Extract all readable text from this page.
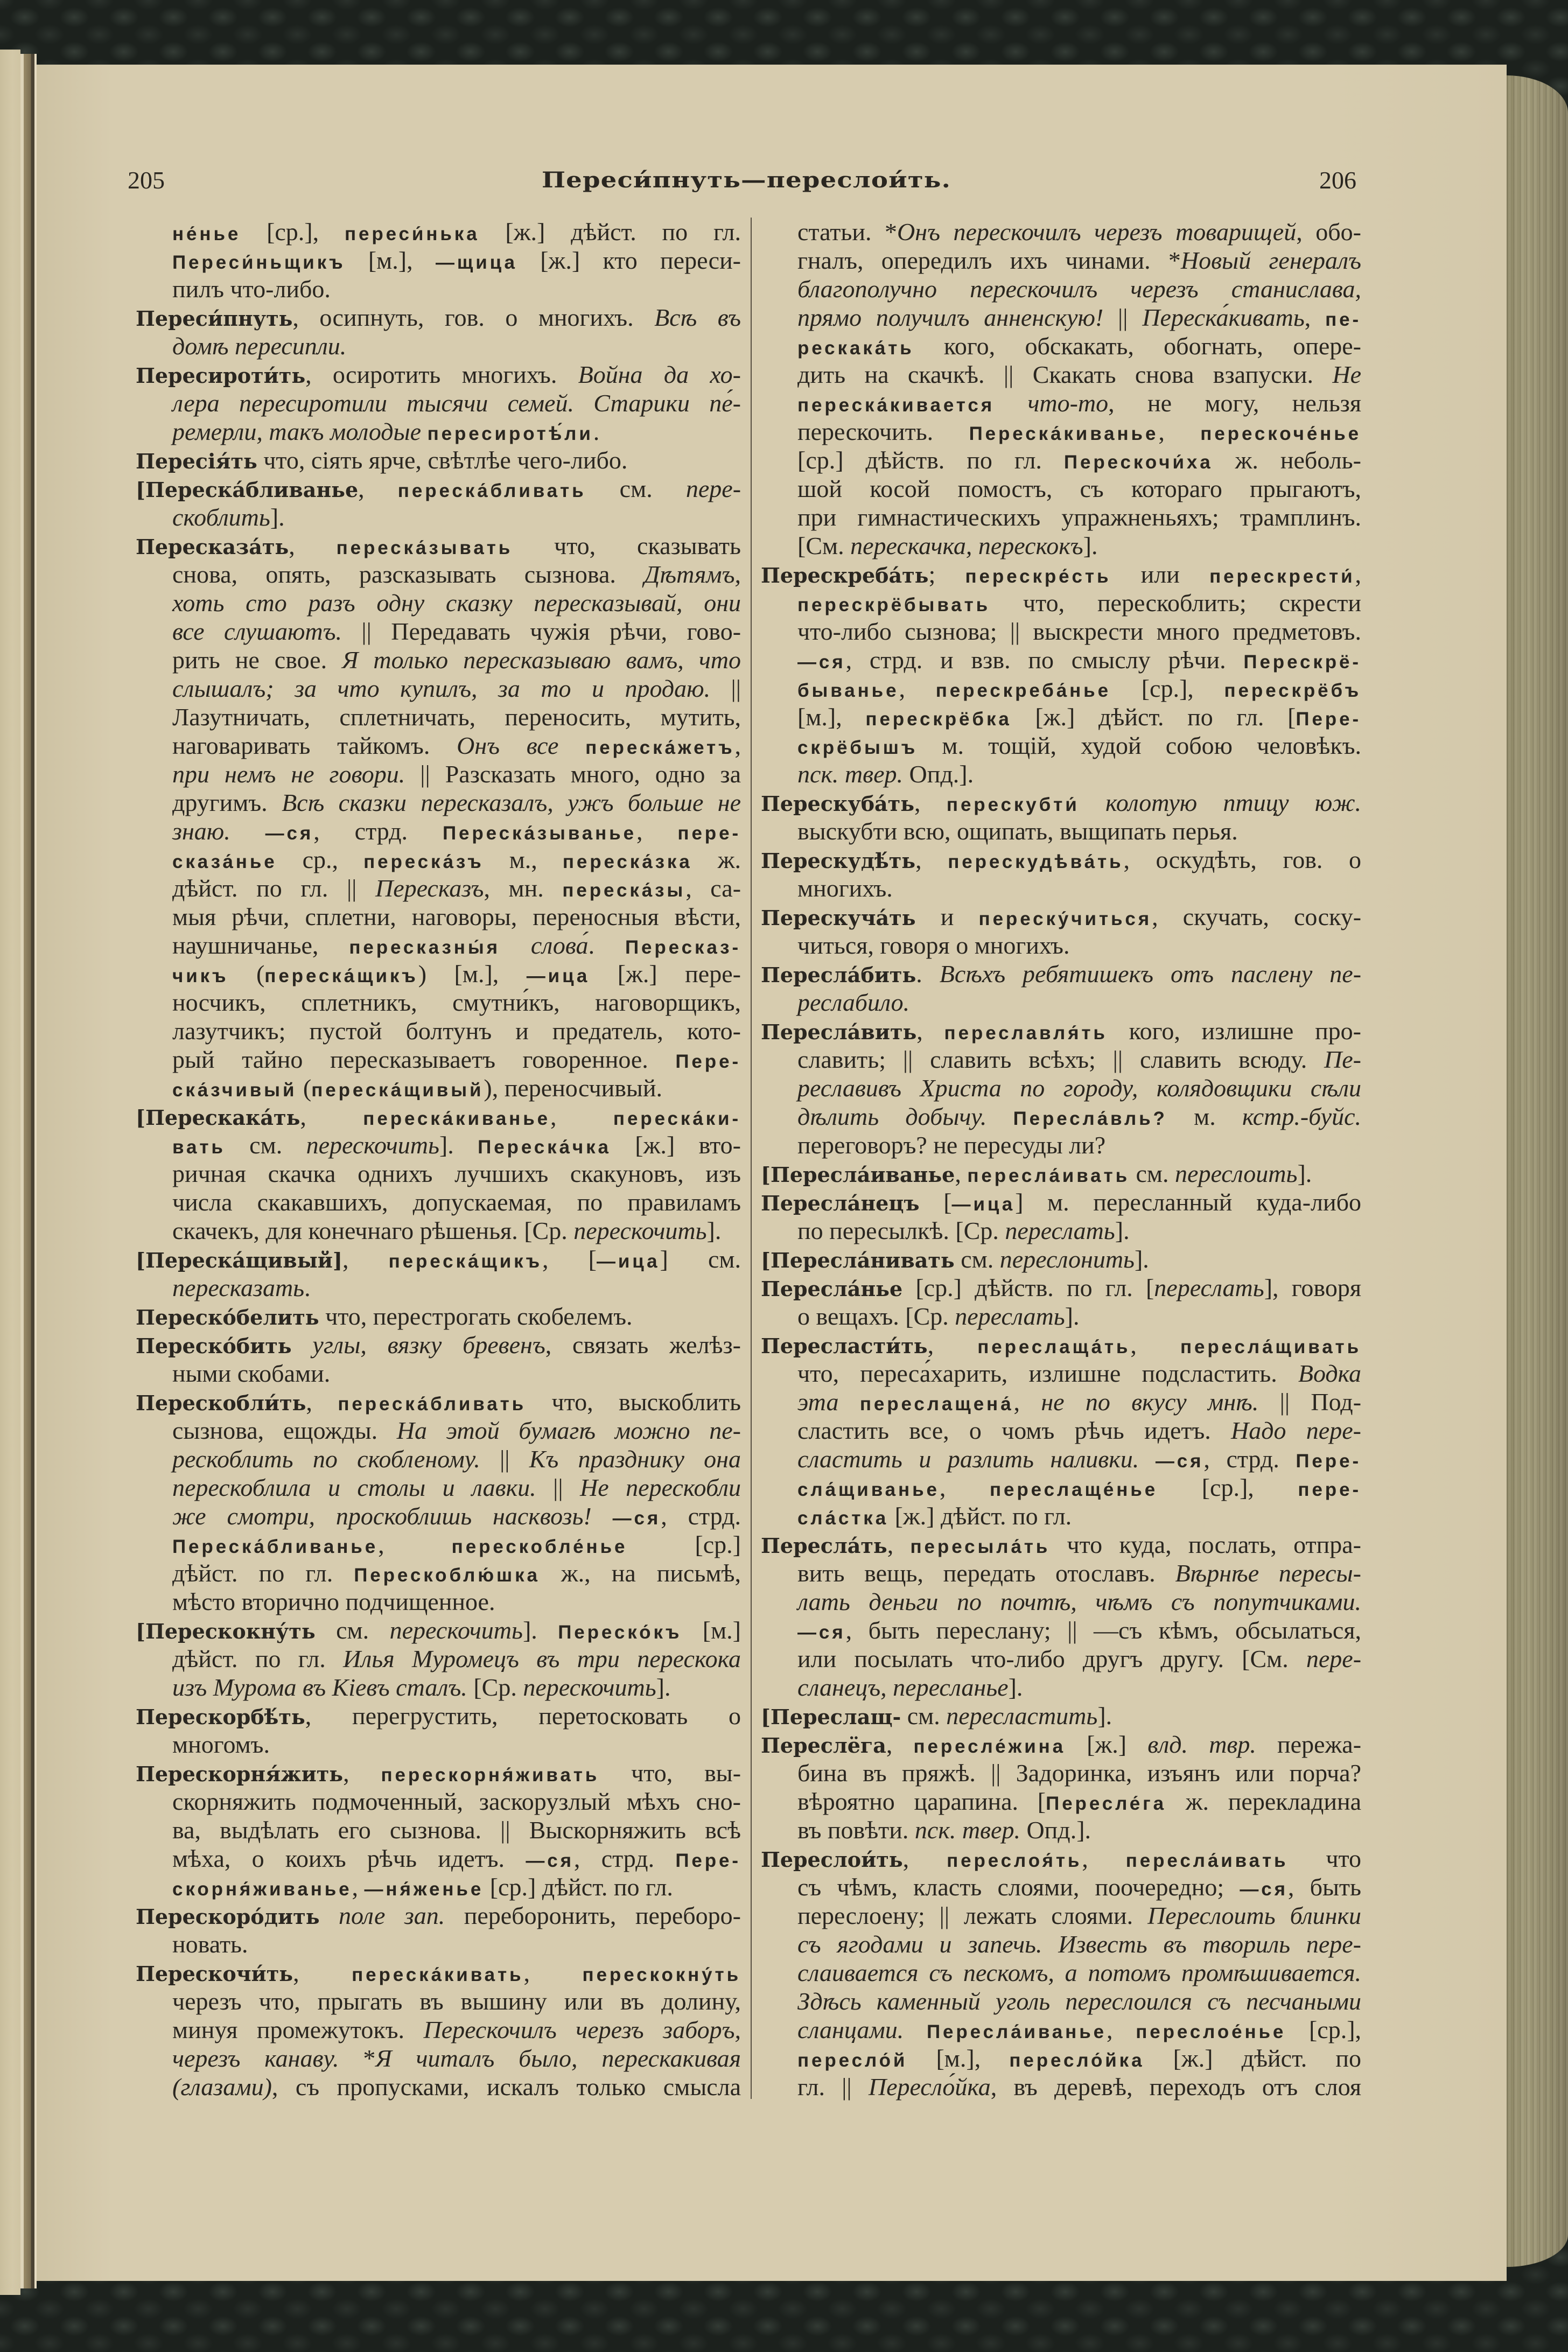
205	Переси́пнуть—переслои́ть.	206
не́нье [ср.], переси́нька [ж.] дѣйст. по гл.
Переси́ньщикъ [м.], —щица [ж.] кто переси-
пилъ что-либо.
Переси́пнуть, осипнуть, гов. о многихъ. Всѣ въ
домѣ пересипли.
Пересироти́ть, осиротить многихъ. Война да хо-
лера пересиротили тысячи семей. Старики пе́-
ремерли, такъ молодые пересиротѣ́ли.
Пересія́ть что, сіять ярче, свѣтлѣе чего-либо.
[Переска́бливанье, переска́бливать см. пере-
скоблить].
Пересказа́ть, переска́зывать что, сказывать
снова, опять, разсказывать сызнова. Дѣтямъ,
хоть сто разъ одну сказку пересказывай, они
все слушаютъ. || Передавать чужія рѣчи, гово-
рить не свое. Я только пересказываю вамъ, что
слышалъ; за что купилъ, за то и продаю. ||
Лазутничать, сплетничать, переносить, мутить,
наговаривать тайкомъ. Онъ все переска́жетъ,
при немъ не говори. || Разсказать много, одно за
другимъ. Всѣ сказки пересказалъ, ужъ больше не
знаю. —ся, стрд. Переска́зыванье, пере-
сказа́нье ср., переска́зъ м., переска́зка ж.
дѣйст. по гл. || Пересказъ, мн. переска́зы, са-
мыя рѣчи, сплетни, наговоры, переносныя вѣсти,
наушничанье, пересказны́я слова́. Пересказ-
чикъ (переска́щикъ) [м.], —ица [ж.] пере-
носчикъ, сплетникъ, смутни́къ, наговорщикъ,
лазутчикъ; пустой болтунъ и предатель, кото-
рый тайно пересказываетъ говоренное. Пере-
ска́зчивый (переска́щивый), переносчивый.
[Перескака́ть, переска́киванье, переска́ки-
вать см. перескочить]. Переска́чка [ж.] вто-
ричная скачка однихъ лучшихъ скакуновъ, изъ
числа скакавшихъ, допускаемая, по правиламъ
скачекъ, для конечнаго рѣшенья. [Ср. перескочить].
[Переска́щивый], переска́щикъ, [—ица] см.
пересказать.
Переско́белить что, перестрогать скобелемъ.
Переско́бить углы, вязку бревенъ, связать желѣз-
ными скобами.
Перескобли́ть, переска́бливать что, выскоблить
сызнова, ещожды. На этой бумагѣ можно пе-
рескоблить по скобленому. || Къ празднику она
перескоблила и столы и лавки. || Не перескобли
же смотри, проскоблишь насквозь! —ся, стрд.
Переска́бливанье, перескобле́нье [ср.]
дѣйст. по гл. Перескоблю́шка ж., на письмѣ,
мѣсто вторично подчищенное.
[Перескокну́ть см. перескочить]. Переско́къ [м.]
дѣйст. по гл. Илья Муромецъ въ три перескока
изъ Мурома въ Кіевъ сталъ. [Ср. перескочить].
Перескорбѣ́ть, перегрустить, перетосковать о
многомъ.
Перескорня́жить, перескорня́живать что, вы-
скорняжить подмоченный, заскорузлый мѣхъ сно-
ва, выдѣлать его сызнова. || Выскорняжить всѣ
мѣха, о коихъ рѣчь идетъ. —ся, стрд. Пере-
скорня́живанье, —ня́женье [ср.] дѣйст. по гл.
Перескоро́дить поле зап. переборонить, переборо-
новать.
Перескочи́ть, переска́кивать, перескокну́ть
черезъ что, прыгать въ вышину или въ долину,
минуя промежутокъ. Перескочилъ черезъ заборъ,
черезъ канаву. *Я читалъ было, перескакивая
(глазами), съ пропусками, искалъ только смысла
статьи. *Онъ перескочилъ черезъ товарищей, обо-
гналъ, опередилъ ихъ чинами. *Новый генералъ
благополучно перескочилъ черезъ станислава,
прямо получилъ анненскую! || Переска́кивать, пе-
рескака́ть кого, обскакать, обогнать, опере-
дить на скачкѣ. || Скакать снова взапуски. Не
переска́кивается что-то, не могу, нельзя
перескочить. Переска́киванье, перескоче́нье
[ср.] дѣйств. по гл. Перескочи́ха ж. неболь-
шой косой помостъ, съ котораго прыгаютъ,
при гимнастическихъ упражненьяхъ; трамплинъ.
[См. перескачка, перескокъ].
Перескреба́ть; перескре́сть или перескрести́,
перескрёбывать что, перескоблить; скрести
что-либо сызнова; || выскрести много предметовъ.
—ся, стрд. и взв. по смыслу рѣчи. Перескрё-
быванье, перескреба́нье [ср.], перескрёбъ
[м.], перескрёбка [ж.] дѣйст. по гл. [Пере-
скрёбышъ м. тощій, худой собою человѣкъ.
пск. твер. Опд.].
Перескуба́ть, перескубти́ колотую птицу юж.
выскубти всю, ощипать, выщипать перья.
Перескудѣ́ть, перескудѣва́ть, оскудѣть, гов. о
многихъ.
Перескуча́ть и переску́читься, скучать, соску-
читься, говоря о многихъ.
Пересла́бить. Всѣхъ ребятишекъ отъ паслену пе-
реслабило.
Пересла́вить, переславля́ть кого, излишне про-
славить; || славить всѣхъ; || славить всюду. Пе-
реславивъ Христа по городу, колядовщики сѣли
дѣлить добычу. Пересла́вль? м. кстр.-буйс.
переговоръ? не пересуды ли?
[Пересла́иванье, пересла́ивать см. переслоить].
Пересла́нецъ [—ица] м. пересланный куда-либо
по пересылкѣ. [Ср. переслать].
[Пересла́нивать см. переслонить].
Пересла́нье [ср.] дѣйств. по гл. [переслать], говоря
о вещахъ. [Ср. переслать].
Пересласти́ть, переслаща́ть, пересла́щивать
что, переса́харить, излишне подсластить. Водка
эта переслащена́, не по вкусу мнѣ. || Под-
сластить все, о чомъ рѣчь идетъ. Надо пере-
сластить и разлить наливки. —ся, стрд. Пере-
сла́щиванье, переслаще́нье [ср.], пере-
сла́стка [ж.] дѣйст. по гл.
Пересла́ть, пересыла́ть что куда, послать, отпра-
вить вещь, передать отославъ. Вѣрнѣе пересы-
лать деньги по почтѣ, чѣмъ съ попутчиками.
—ся, быть переслану; || —съ кѣмъ, обсылаться,
или посылать что-либо другъ другу. [См. пере-
сланецъ, пересланье].
[Переслащ- см. пересластить].
Переслёга, пересле́жина [ж.] влд. твр. пережа-
бина въ пряжѣ. || Задоринка, изъянъ или порча?
вѣроятно царапина. [Пересле́га ж. перекладина
въ повѣти. пск. твер. Опд.].
Переслои́ть, переслоя́ть, пересла́ивать что
съ чѣмъ, класть слоями, поочередно; —ся, быть
переслоену; || лежать слоями. Переслоить блинки
съ ягодами и запечь. Известь въ твориль пере-
слаивается съ пескомъ, а потомъ промѣшивается.
Здѣсь каменный уголь переслоился съ песчаными
сланцами. Пересла́иванье, переслое́нье [ср.],
пересло́й [м.], пересло́йка [ж.] дѣйст. по
гл. || Пересло́йка, въ деревѣ, переходъ отъ слоя
